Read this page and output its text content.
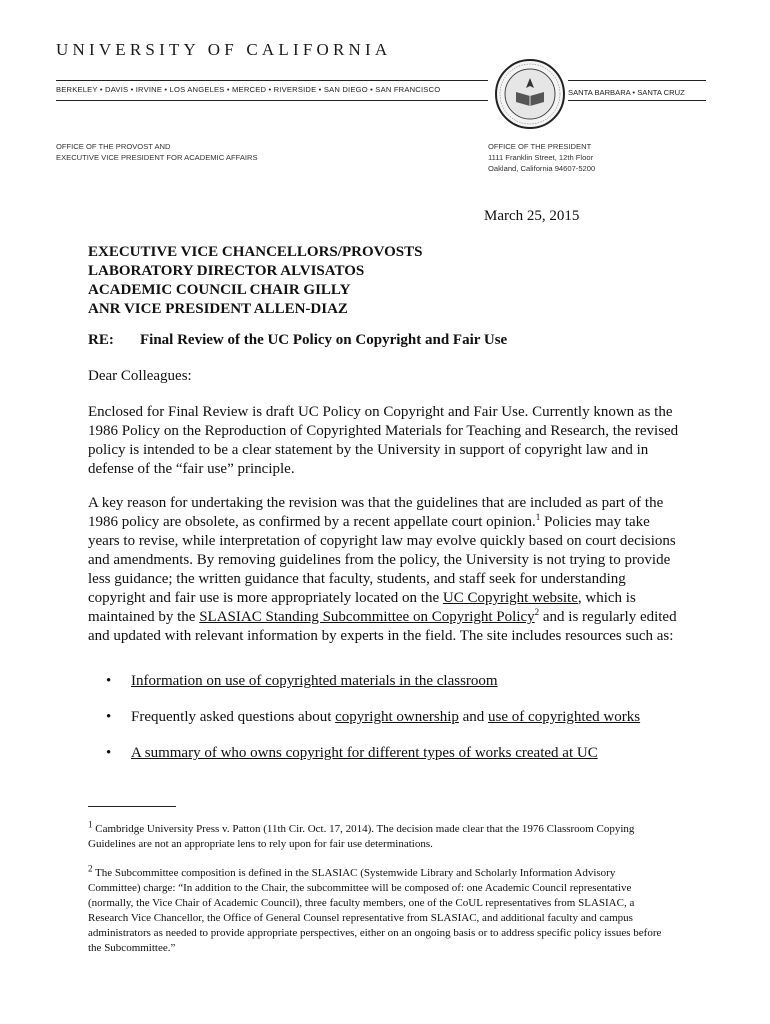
UNIVERSITY OF CALIFORNIA
BERKELEY • DAVIS • IRVINE • LOS ANGELES • MERCED • RIVERSIDE • SAN DIEGO • SAN FRANCISCO	SANTA BARBARA • SANTA CRUZ
OFFICE OF THE PROVOST AND
EXECUTIVE VICE PRESIDENT FOR ACADEMIC AFFAIRS
OFFICE OF THE PRESIDENT
1111 Franklin Street, 12th Floor
Oakland, California 94607-5200
March 25, 2015
EXECUTIVE VICE CHANCELLORS/PROVOSTS
LABORATORY DIRECTOR ALVISATOS
ACADEMIC COUNCIL CHAIR GILLY
ANR VICE PRESIDENT ALLEN-DIAZ
RE: Final Review of the UC Policy on Copyright and Fair Use
Dear Colleagues:

Enclosed for Final Review is draft UC Policy on Copyright and Fair Use. Currently known as the 1986 Policy on the Reproduction of Copyrighted Materials for Teaching and Research, the revised policy is intended to be a clear statement by the University in support of copyright law and in defense of the “fair use” principle.

A key reason for undertaking the revision was that the guidelines that are included as part of the 1986 policy are obsolete, as confirmed by a recent appellate court opinion.$^1$ Policies may take years to revise, while interpretation of copyright law may evolve quickly based on court decisions and amendments. By removing guidelines from the policy, the University is not trying to provide less guidance; the written guidance that faculty, students, and staff seek for understanding copyright and fair use is more appropriately located on the UC Copyright website, which is maintained by the SLASIAC Standing Subcommittee on Copyright Policy$^2$ and is regularly edited and updated with relevant information by experts in the field. The site includes resources such as:

• Information on use of copyrighted materials in the classroom
• Frequently asked questions about copyright ownership and use of copyrighted works
• A summary of who owns copyright for different types of works created at UC

$^1$ Cambridge University Press v. Patton (11th Cir. Oct. 17, 2014). The decision made clear that the 1976 Classroom Copying Guidelines are not an appropriate lens to rely upon for fair use determinations.

$^2$ The Subcommittee composition is defined in the SLASIAC (Systemwide Library and Scholarly Information Advisory Committee) charge: “In addition to the Chair, the subcommittee will be composed of: one Academic Council representative (normally, the Vice Chair of Academic Council), three faculty members, one of the CoUL representatives from SLASIAC, a Research Vice Chancellor, the Office of General Counsel representative from SLASIAC, and additional faculty and campus administrators as needed to provide appropriate perspectives, either on an ongoing basis or to address specific policy issues before the Subcommittee.”
